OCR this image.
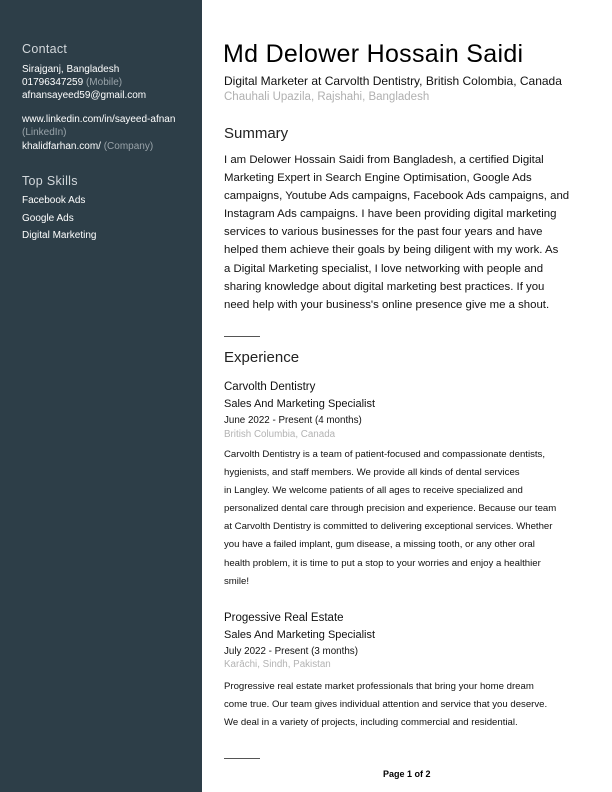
Contact
Sirajganj, Bangladesh
01796347259 (Mobile)
afnansayeed59@gmail.com
www.linkedin.com/in/sayeed-afnan
(LinkedIn)
khalidfarhan.com/ (Company)
Top Skills
Facebook Ads
Google Ads
Digital Marketing
Md Delower Hossain Saidi
Digital Marketer at Carvolth Dentistry, British Colombia, Canada
Chauhali Upazila, Rajshahi, Bangladesh
Summary
I am Delower Hossain Saidi from Bangladesh, a certified Digital
Marketing Expert in Search Engine Optimisation, Google Ads
campaigns, Youtube Ads campaigns, Facebook Ads campaigns, and
Instagram Ads campaigns. I have been providing digital marketing
services to various businesses for the past four years and have
helped them achieve their goals by being diligent with my work. As
a Digital Marketing specialist, I love networking with people and
sharing knowledge about digital marketing best practices. If you
need help with your business's online presence give me a shout.
Experience
Carvolth Dentistry
Sales And Marketing Specialist
June 2022 - Present (4 months)
British Columbia, Canada
Carvolth Dentistry is a team of patient-focused and compassionate dentists,
hygienists, and staff members. We provide all kinds of dental services
in Langley. We welcome patients of all ages to receive specialized and
personalized dental care through precision and experience. Because our team
at Carvolth Dentistry is committed to delivering exceptional services. Whether
you have a failed implant, gum disease, a missing tooth, or any other oral
health problem, it is time to put a stop to your worries and enjoy a healthier
smile!
Progessive Real Estate
Sales And Marketing Specialist
July 2022 - Present (3 months)
Karāchi, Sindh, Pakistan
Progressive real estate market professionals that bring your home dream
come true. Our team gives individual attention and service that you deserve.
We deal in a variety of projects, including commercial and residential.
Page 1 of 2
